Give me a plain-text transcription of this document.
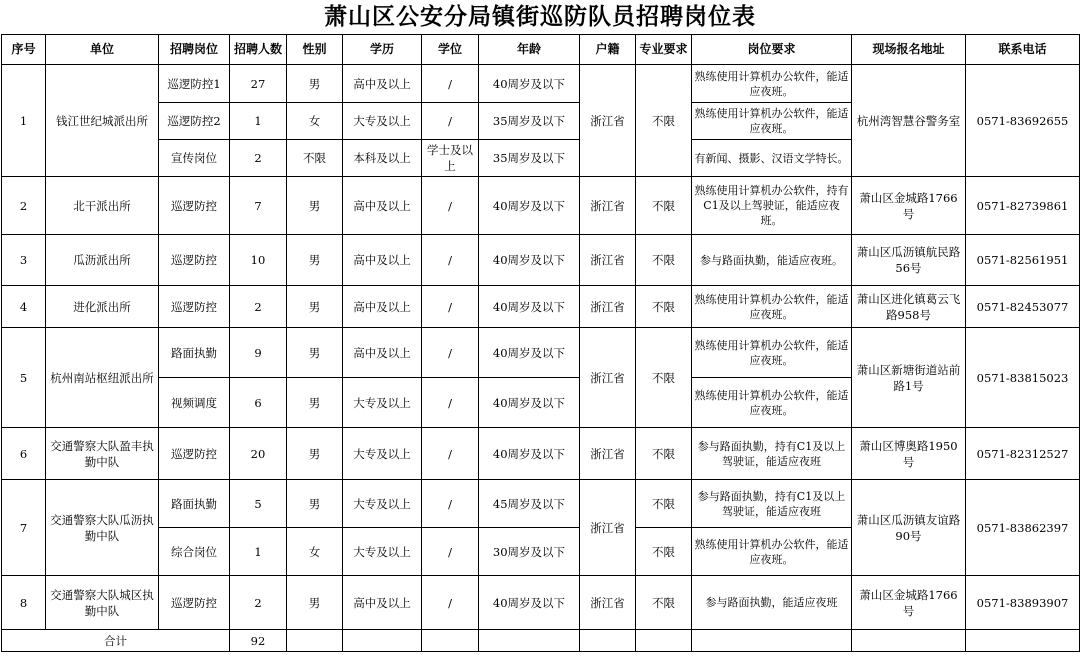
萧山区公安分局镇街巡防队员招聘岗位表
序号	单位	招聘岗位	招聘人数	性别	学历	学位	年龄	户籍	专业要求	岗位要求	现场报名地址	联系电话
1	钱江世纪城派出所	巡逻防控1	27	男	高中及以上	/	40周岁及以下	浙江省	不限	熟练使用计算机办公软件，能适应夜班。	杭州湾智慧谷警务室	0571-83692655
		巡逻防控2	1	女	大专及以上	/	35周岁及以下			熟练使用计算机办公软件，能适应夜班。		
		宣传岗位	2	不限	本科及以上	学士及以上	35周岁及以下			有新闻、摄影、汉语文学特长。		
2	北干派出所	巡逻防控	7	男	高中及以上	/	40周岁及以下	浙江省	不限	熟练使用计算机办公软件，持有C1及以上驾驶证，能适应夜班。	萧山区金城路1766号	0571-82739861
3	瓜沥派出所	巡逻防控	10	男	高中及以上	/	40周岁及以下	浙江省	不限	参与路面执勤，能适应夜班。	萧山区瓜沥镇航民路56号	0571-82561951
4	进化派出所	巡逻防控	2	男	高中及以上	/	40周岁及以下	浙江省	不限	熟练使用计算机办公软件，能适应夜班。	萧山区进化镇葛云飞路958号	0571-82453077
5	杭州南站枢纽派出所	路面执勤	9	男	高中及以上	/	40周岁及以下	浙江省	不限	熟练使用计算机办公软件，能适应夜班。	萧山区新塘街道站前路1号	0571-83815023
		视频调度	6	男	大专及以上	/	40周岁及以下			熟练使用计算机办公软件，能适应夜班。		
6	交通警察大队盈丰执勤中队	巡逻防控	20	男	大专及以上	/	40周岁及以下	浙江省	不限	参与路面执勤，持有C1及以上驾驶证，能适应夜班	萧山区博奥路1950号	0571-82312527
7	交通警察大队瓜沥执勤中队	路面执勤	5	男	大专及以上	/	45周岁及以下	浙江省	不限	参与路面执勤，持有C1及以上驾驶证，能适应夜班	萧山区瓜沥镇友谊路90号	0571-83862397
		综合岗位	1	女	大专及以上	/	30周岁及以下		不限	熟练使用计算机办公软件，能适应夜班。		
8	交通警察大队城区执勤中队	巡逻防控	2	男	高中及以上	/	40周岁及以下	浙江省	不限	参与路面执勤，能适应夜班	萧山区金城路1766号	0571-83893907
合计			92									
